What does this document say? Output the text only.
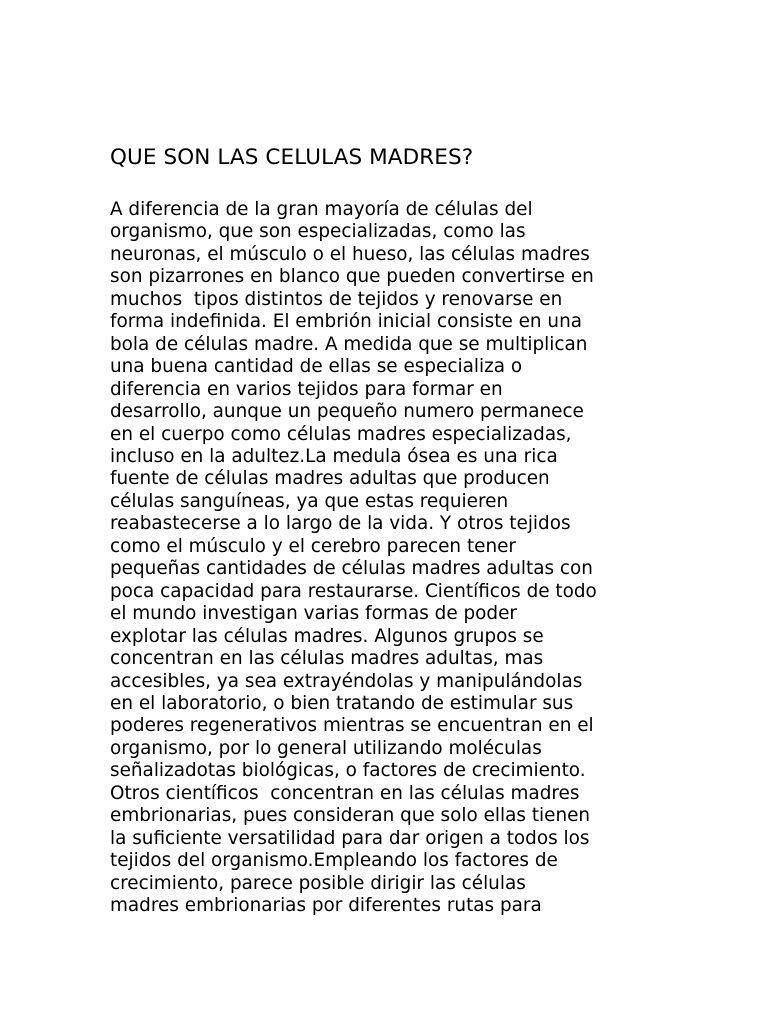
QUE SON LAS CELULAS MADRES?
A diferencia de la gran mayoría de células del
organismo, que son especializadas, como las
neuronas, el músculo o el hueso, las células madres
son pizarrones en blanco que pueden convertirse en
muchos  tipos distintos de tejidos y renovarse en
forma indefinida. El embrión inicial consiste en una
bola de células madre. A medida que se multiplican
una buena cantidad de ellas se especializa o
diferencia en varios tejidos para formar en
desarrollo, aunque un pequeño numero permanece
en el cuerpo como células madres especializadas,
incluso en la adultez.La medula ósea es una rica
fuente de células madres adultas que producen
células sanguíneas, ya que estas requieren
reabastecerse a lo largo de la vida. Y otros tejidos
como el músculo y el cerebro parecen tener
pequeñas cantidades de células madres adultas con
poca capacidad para restaurarse. Científicos de todo
el mundo investigan varias formas de poder
explotar las células madres. Algunos grupos se
concentran en las células madres adultas, mas
accesibles, ya sea extrayéndolas y manipulándolas
en el laboratorio, o bien tratando de estimular sus
poderes regenerativos mientras se encuentran en el
organismo, por lo general utilizando moléculas
señalizadotas biológicas, o factores de crecimiento.
Otros científicos  concentran en las células madres
embrionarias, pues consideran que solo ellas tienen
la suficiente versatilidad para dar origen a todos los
tejidos del organismo.Empleando los factores de
crecimiento, parece posible dirigir las células
madres embrionarias por diferentes rutas para
